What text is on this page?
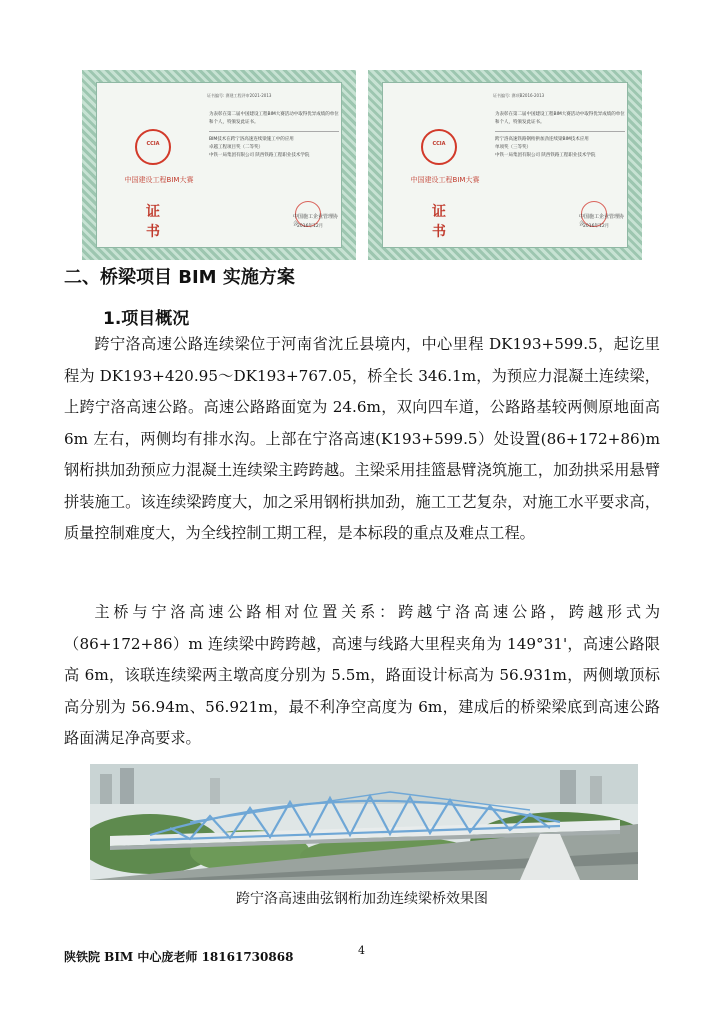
证书编号: 赛建工程评审2021-2013
CCIA
中国建设工程BIM大赛
证 书
为表彰在第二届中国建设工程BIM大赛活动中取得优异成绩的单位和个人，特颁发此证书。
BIM技术在跨宁洛高速连续梁施工中的应用
卓越工程项目奖（二等奖）
中铁一局集团有限公司 陕西铁路工程职业技术学院
中国施工企业管理协会
2016年12月
证书编号: 赛项B2016-2013
CCIA
中国建设工程BIM大赛
证 书
为表彰在第二届中国建设工程BIM大赛活动中取得优异成绩的单位和个人，特颁发此证书。
跨宁洛高速铁路钢桁拱加劲连续梁BIM技术应用
单项奖（三等奖）
中铁一局集团有限公司 陕西铁路工程职业技术学院
中国施工企业管理协会
2016年12月
二、桥梁项目 BIM 实施方案
1.项目概况

跨宁洛高速公路连续梁位于河南省沈丘县境内，中心里程 DK193+599.5，起讫里程为 DK193+420.95～DK193+767.05，桥全长 346.1m，为预应力混凝土连续梁，上跨宁洛高速公路。高速公路路面宽为 24.6m，双向四车道，公路路基较两侧原地面高 6m 左右，两侧均有排水沟。上部在宁洛高速(K193+599.5）处设置(86+172+86)m 钢桁拱加劲预应力混凝土连续梁主跨跨越。主梁采用挂篮悬臂浇筑施工，加劲拱采用悬臂拼装施工。该连续梁跨度大，加之采用钢桁拱加劲，施工工艺复杂，对施工水平要求高，质量控制难度大，为全线控制工期工程，是本标段的重点及难点工程。

主桥与宁洛高速公路相对位置关系：跨越宁洛高速公路，跨越形式为（86+172+86）m 连续梁中跨跨越，高速与线路大里程夹角为 149°31'，高速公路限高 6m，该联连续梁两主墩高度分别为 5.5m，路面设计标高为 56.931m，两侧墩顶标高分别为 56.94m、56.921m，最不利净空高度为 6m，建成后的桥梁梁底到高速公路路面满足净高要求。

跨宁洛高速曲弦钢桁加劲连续梁桥效果图
陕铁院 BIM 中心庞老师 18161730868	4
